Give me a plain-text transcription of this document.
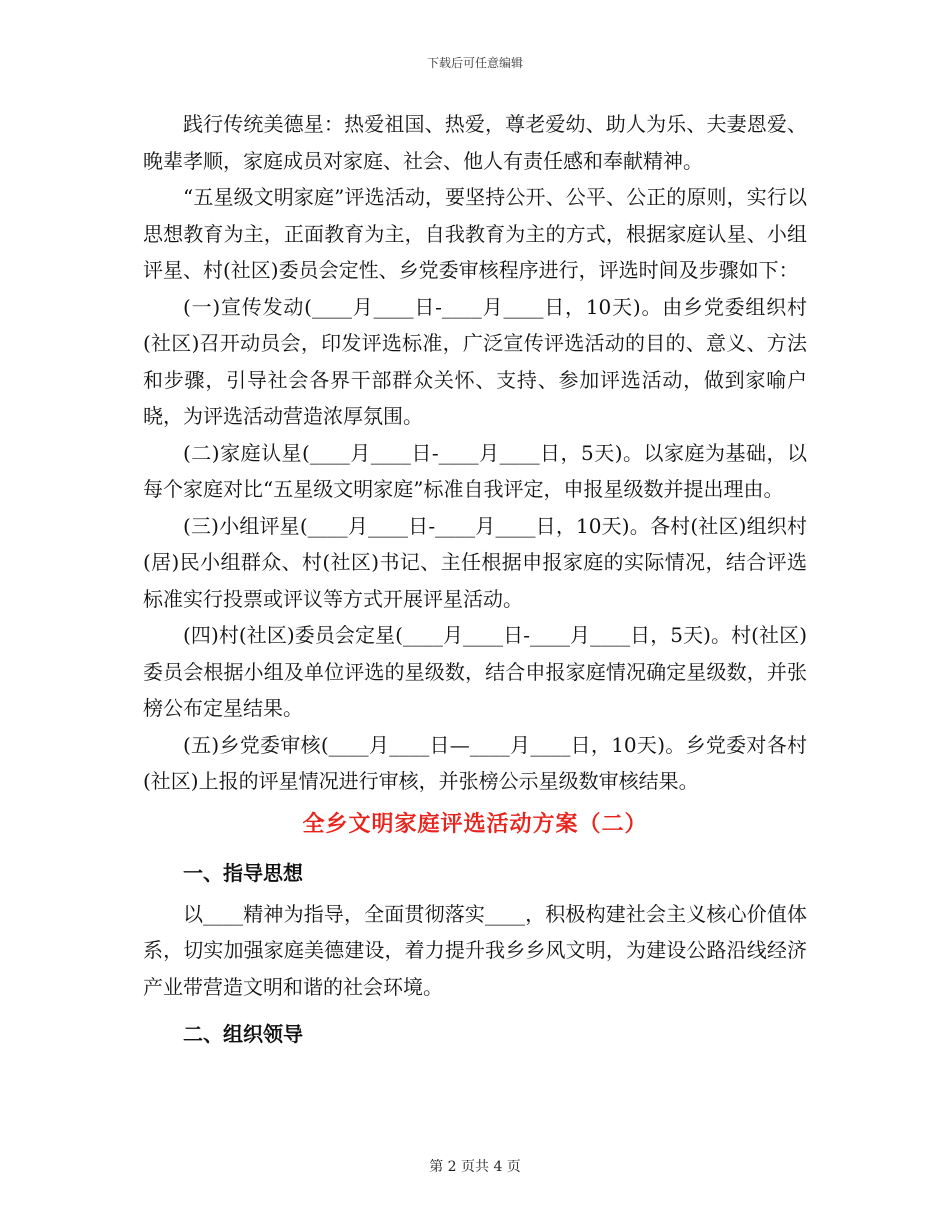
下载后可任意编辑

践行传统美德星：热爱祖国、热爱，尊老爱幼、助人为乐、夫妻恩爱、晚辈孝顺，家庭成员对家庭、社会、他人有责任感和奉献精神。

“五星级文明家庭”评选活动，要坚持公开、公平、公正的原则，实行以思想教育为主，正面教育为主，自我教育为主的方式，根据家庭认星、小组评星、村(社区)委员会定性、乡党委审核程序进行，评选时间及步骤如下：

(一)宣传发动(____月____日-____月____日，10天)。由乡党委组织村(社区)召开动员会，印发评选标准，广泛宣传评选活动的目的、意义、方法和步骤，引导社会各界干部群众关怀、支持、参加评选活动，做到家喻户晓，为评选活动营造浓厚氛围。

(二)家庭认星(____月____日-____月____日，5天)。以家庭为基础，以每个家庭对比“五星级文明家庭”标准自我评定，申报星级数并提出理由。

(三)小组评星(____月____日-____月____日，10天)。各村(社区)组织村(居)民小组群众、村(社区)书记、主任根据申报家庭的实际情况，结合评选标准实行投票或评议等方式开展评星活动。

(四)村(社区)委员会定星(____月____日-____月____日，5天)。村(社区)委员会根据小组及单位评选的星级数，结合申报家庭情况确定星级数，并张榜公布定星结果。

(五)乡党委审核(____月____日—____月____日，10天)。乡党委对各村(社区)上报的评星情况进行审核，并张榜公示星级数审核结果。

全乡文明家庭评选活动方案（二）
一、指导思想

以____精神为指导，全面贯彻落实____，积极构建社会主义核心价值体系，切实加强家庭美德建设，着力提升我乡乡风文明，为建设公路沿线经济产业带营造文明和谐的社会环境。

二、组织领导
第 2 页共 4 页
